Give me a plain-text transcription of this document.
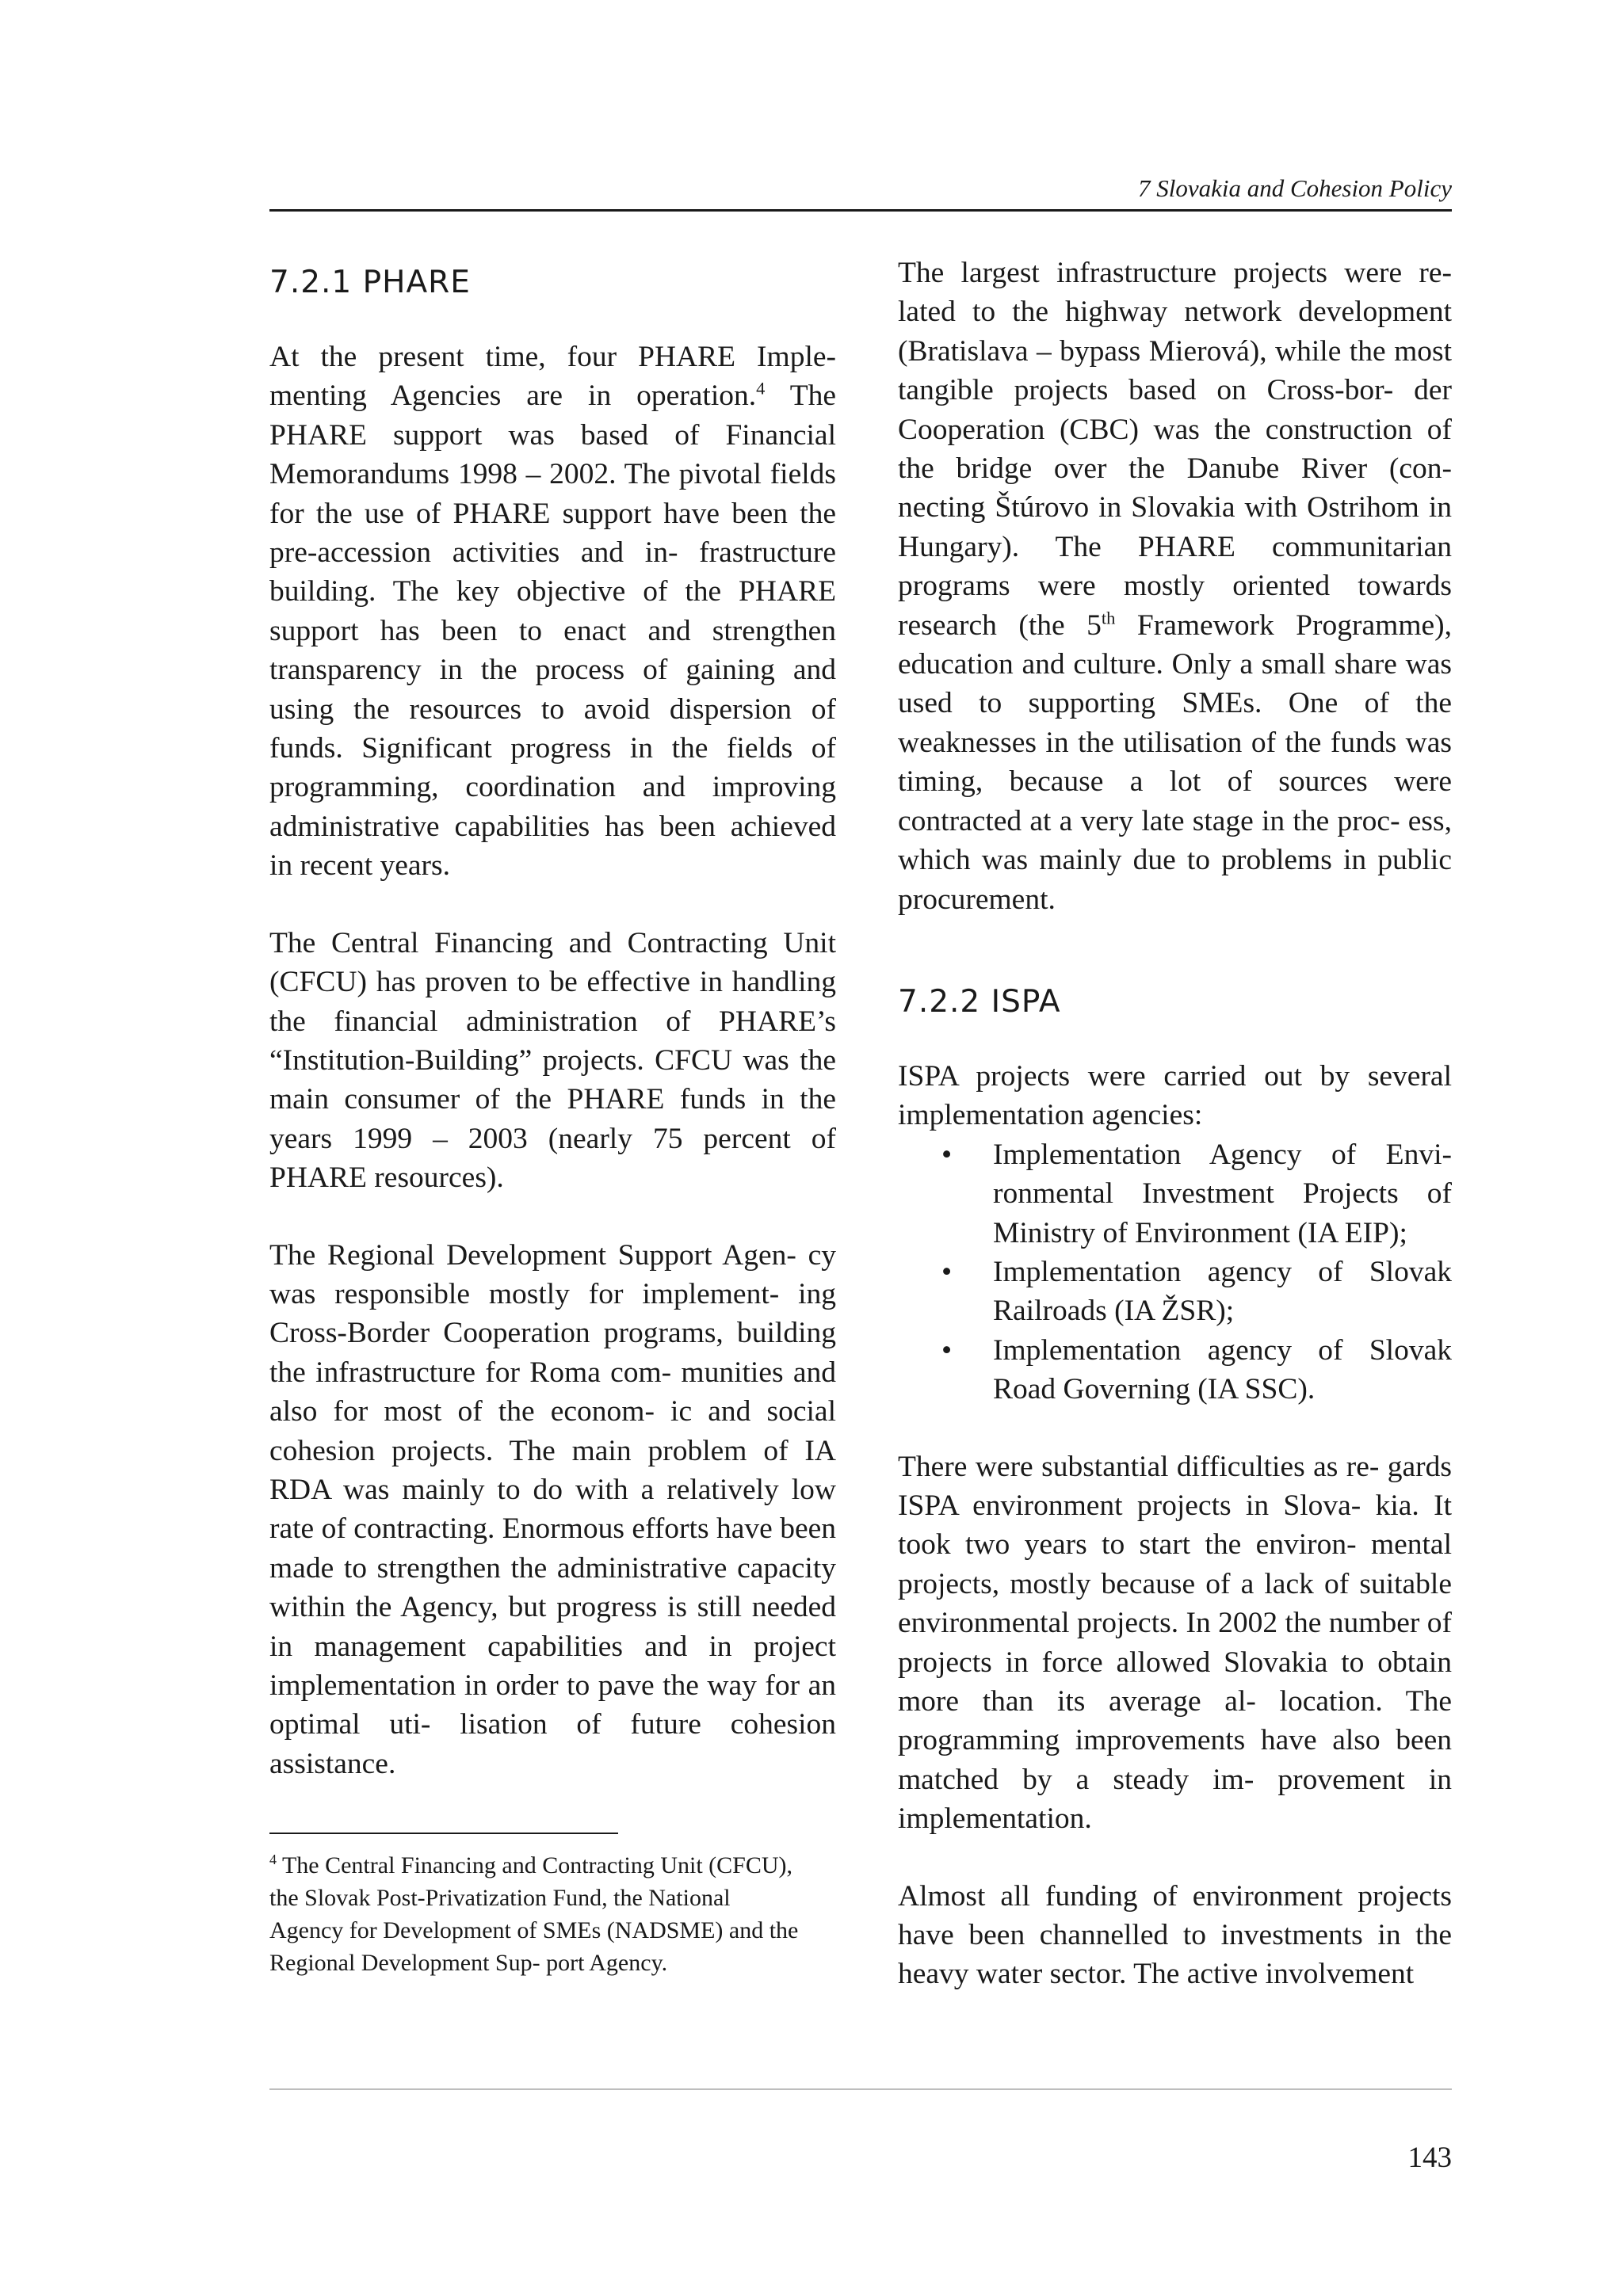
7 Slovakia and Cohesion Policy
7.2.1 PHARE

At the present time, four PHARE Imple- menting Agencies are in operation.$^4$ The PHARE support was based of Financial Memorandums 1998 – 2002. The pivotal fields for the use of PHARE support have been the pre-accession activities and in- frastructure building. The key objective of the PHARE support has been to enact and strengthen transparency in the process of gaining and using the resources to avoid dispersion of funds. Significant progress in the fields of programming, coordination and improving administrative capabilities has been achieved in recent years.

The Central Financing and Contracting Unit (CFCU) has proven to be effective in handling the financial administration of PHARE’s “Institution-Building” projects. CFCU was the main consumer of the PHARE funds in the years 1999 – 2003 (nearly 75 percent of PHARE resources).

The Regional Development Support Agen- cy was responsible mostly for implement- ing Cross-Border Cooperation programs, building the infrastructure for Roma com- munities and also for most of the econom- ic and social cohesion projects. The main problem of IA RDA was mainly to do with a relatively low rate of contracting. Enormous efforts have been made to strengthen the administrative capacity within the Agency, but progress is still needed in management capabilities and in project implementation in order to pave the way for an optimal uti- lisation of future cohesion assistance.

$^4$ The Central Financing and Contracting Unit (CFCU), the Slovak Post-Privatization Fund, the National Agency for Development of SMEs (NADSME) and the Regional Development Sup- port Agency.

The largest infrastructure projects were re- lated to the highway network development (Bratislava – bypass Mierová), while the most tangible projects based on Cross-bor- der Cooperation (CBC) was the construction of the bridge over the Danube River (con- necting Štúrovo in Slovakia with Ostrihom in Hungary). The PHARE communitarian programs were mostly oriented towards research (the 5th Framework Programme), education and culture. Only a small share was used to supporting SMEs. One of the weaknesses in the utilisation of the funds was timing, because a lot of sources were contracted at a very late stage in the proc- ess, which was mainly due to problems in public procurement.

7.2.2 ISPA

ISPA projects were carried out by several implementation agencies:

• Implementation Agency of Envi- ronmental Investment Projects of Ministry of Environment (IA EIP);
• Implementation agency of Slovak Railroads (IA ŽSR);
• Implementation agency of Slovak Road Governing (IA SSC).

There were substantial difficulties as re- gards ISPA environment projects in Slova- kia. It took two years to start the environ- mental projects, mostly because of a lack of suitable environmental projects. In 2002 the number of projects in force allowed Slovakia to obtain more than its average al- location. The programming improvements have also been matched by a steady im- provement in implementation.

Almost all funding of environment projects have been channelled to investments in the heavy water sector. The active involvement

143
